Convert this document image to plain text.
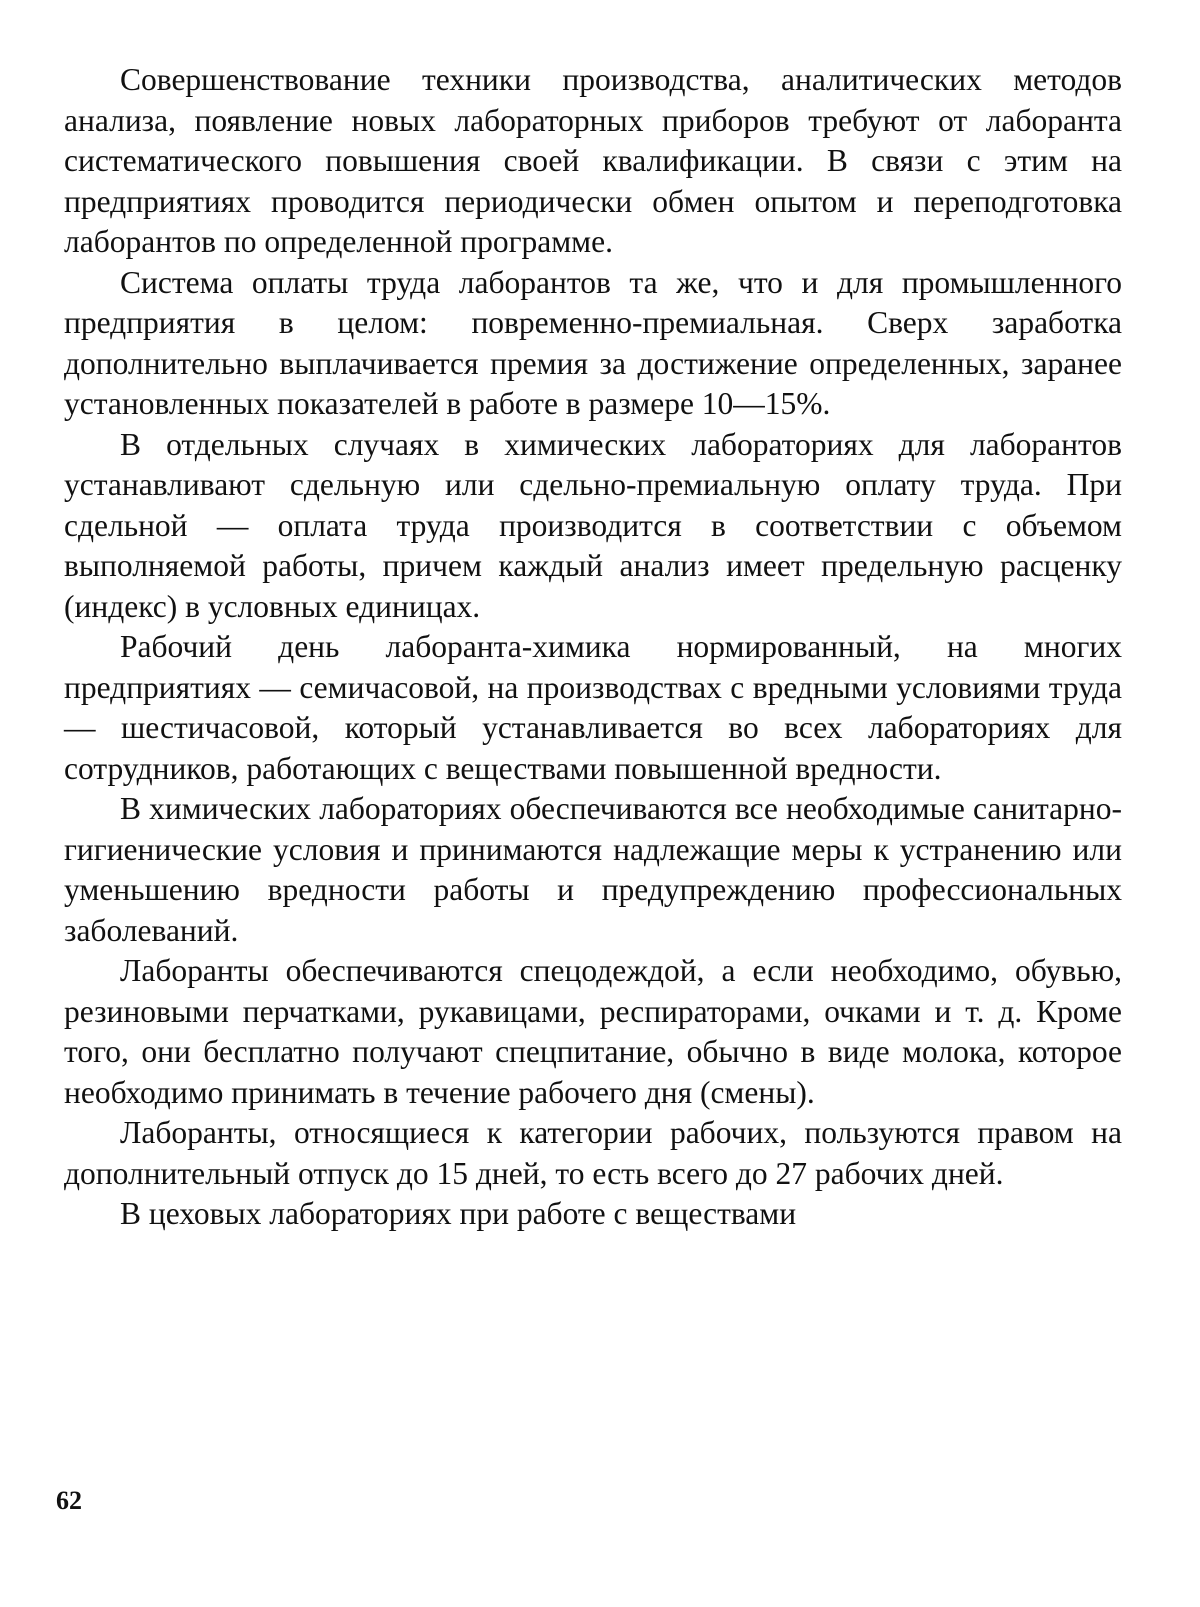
Совершенствование техники производства, аналитических методов анализа, появление новых лабораторных приборов требуют от лаборанта систематического повышения своей квалификации. В связи с этим на предприятиях проводится периодически обмен опытом и переподготовка лаборантов по определенной программе.

Система оплаты труда лаборантов та же, что и для промышленного предприятия в целом: повременно-премиальная. Сверх заработка дополнительно выплачивается премия за достижение определенных, заранее установленных показателей в работе в размере 10—15%.

В отдельных случаях в химических лабораториях для лаборантов устанавливают сдельную или сдельно-премиальную оплату труда. При сдельной — оплата труда производится в соответствии с объемом выполняемой работы, причем каждый анализ имеет предельную расценку (индекс) в условных единицах.

Рабочий день лаборанта-химика нормированный, на многих предприятиях — семичасовой, на производствах с вредными условиями труда — шестичасовой, который устанавливается во всех лабораториях для сотрудников, работающих с веществами повышенной вредности.

В химических лабораториях обеспечиваются все необходимые санитарно-гигиенические условия и принимаются надлежащие меры к устранению или уменьшению вредности работы и предупреждению профессиональных заболеваний.

Лаборанты обеспечиваются спецодеждой, а если необходимо, обувью, резиновыми перчатками, рукавицами, респираторами, очками и т. д. Кроме того, они бесплатно получают спецпитание, обычно в виде молока, которое необходимо принимать в течение рабочего дня (смены).

Лаборанты, относящиеся к категории рабочих, пользуются правом на дополнительный отпуск до 15 дней, то есть всего до 27 рабочих дней.

В цеховых лабораториях при работе с веществами

62
